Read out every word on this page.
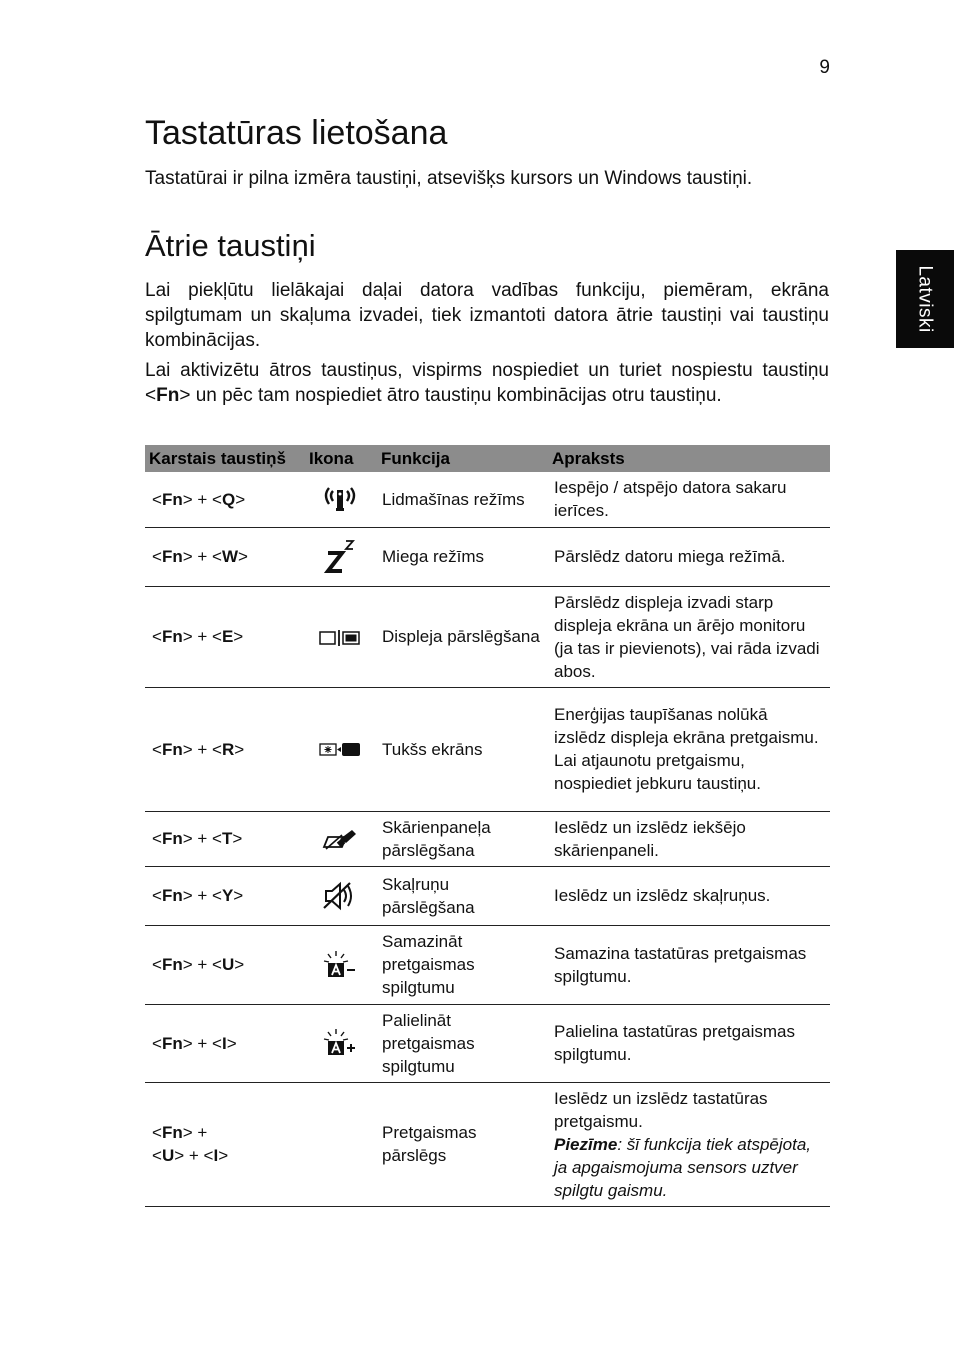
9
Latviski
Tastatūras lietošana

Tastatūrai ir pilna izmēra taustiņi, atsevišķs kursors un Windows taustiņi.

Ātrie taustiņi

Lai piekļūtu lielākajai daļai datora vadības funkciju, piemēram, ekrāna spilgtumam un skaļuma izvadei, tiek izmantoti datora ātrie taustiņi vai taustiņu kombinācijas.

Lai aktivizētu ātros taustiņus, vispirms nospiediet un turiet nospiestu taustiņu <Fn> un pēc tam nospiediet ātro taustiņu kombinācijas otru taustiņu.

Karstais taustiņš	Ikona	Funkcija	Apraksts
<Fn> + <Q>		Lidmašīnas režīms	Iespējo / atspējo datora sakaru ierīces.
<Fn> + <W>		Miega režīms	Pārslēdz datoru miega režīmā.
<Fn> + <E>		Displeja pārslēgšana	Pārslēdz displeja izvadi starp displeja ekrāna un ārējo monitoru (ja tas ir pievienots), vai rāda izvadi abos.
<Fn> + <R>		Tukšs ekrāns	Enerģijas taupīšanas nolūkā izslēdz displeja ekrāna pretgaismu. Lai atjaunotu pretgaismu, nospiediet jebkuru taustiņu.
<Fn> + <T>		Skārienpaneļa pārslēgšana	Ieslēdz un izslēdz iekšējo skārienpaneli.
<Fn> + <Y>		Skaļruņu pārslēgšana	Ieslēdz un izslēdz skaļruņus.
<Fn> + <U>		Samazināt pretgaismas spilgtumu	Samazina tastatūras pretgaismas spilgtumu.
<Fn> + <I>		Palielināt pretgaismas spilgtumu	Palielina tastatūras pretgaismas spilgtumu.
<Fn> +
<U> + <I>		Pretgaismas pārslēgs	Ieslēdz un izslēdz tastatūras pretgaismu.
Piezīme: šī funkcija tiek atspējota, ja apgaismojuma sensors uztver spilgtu gaismu.
